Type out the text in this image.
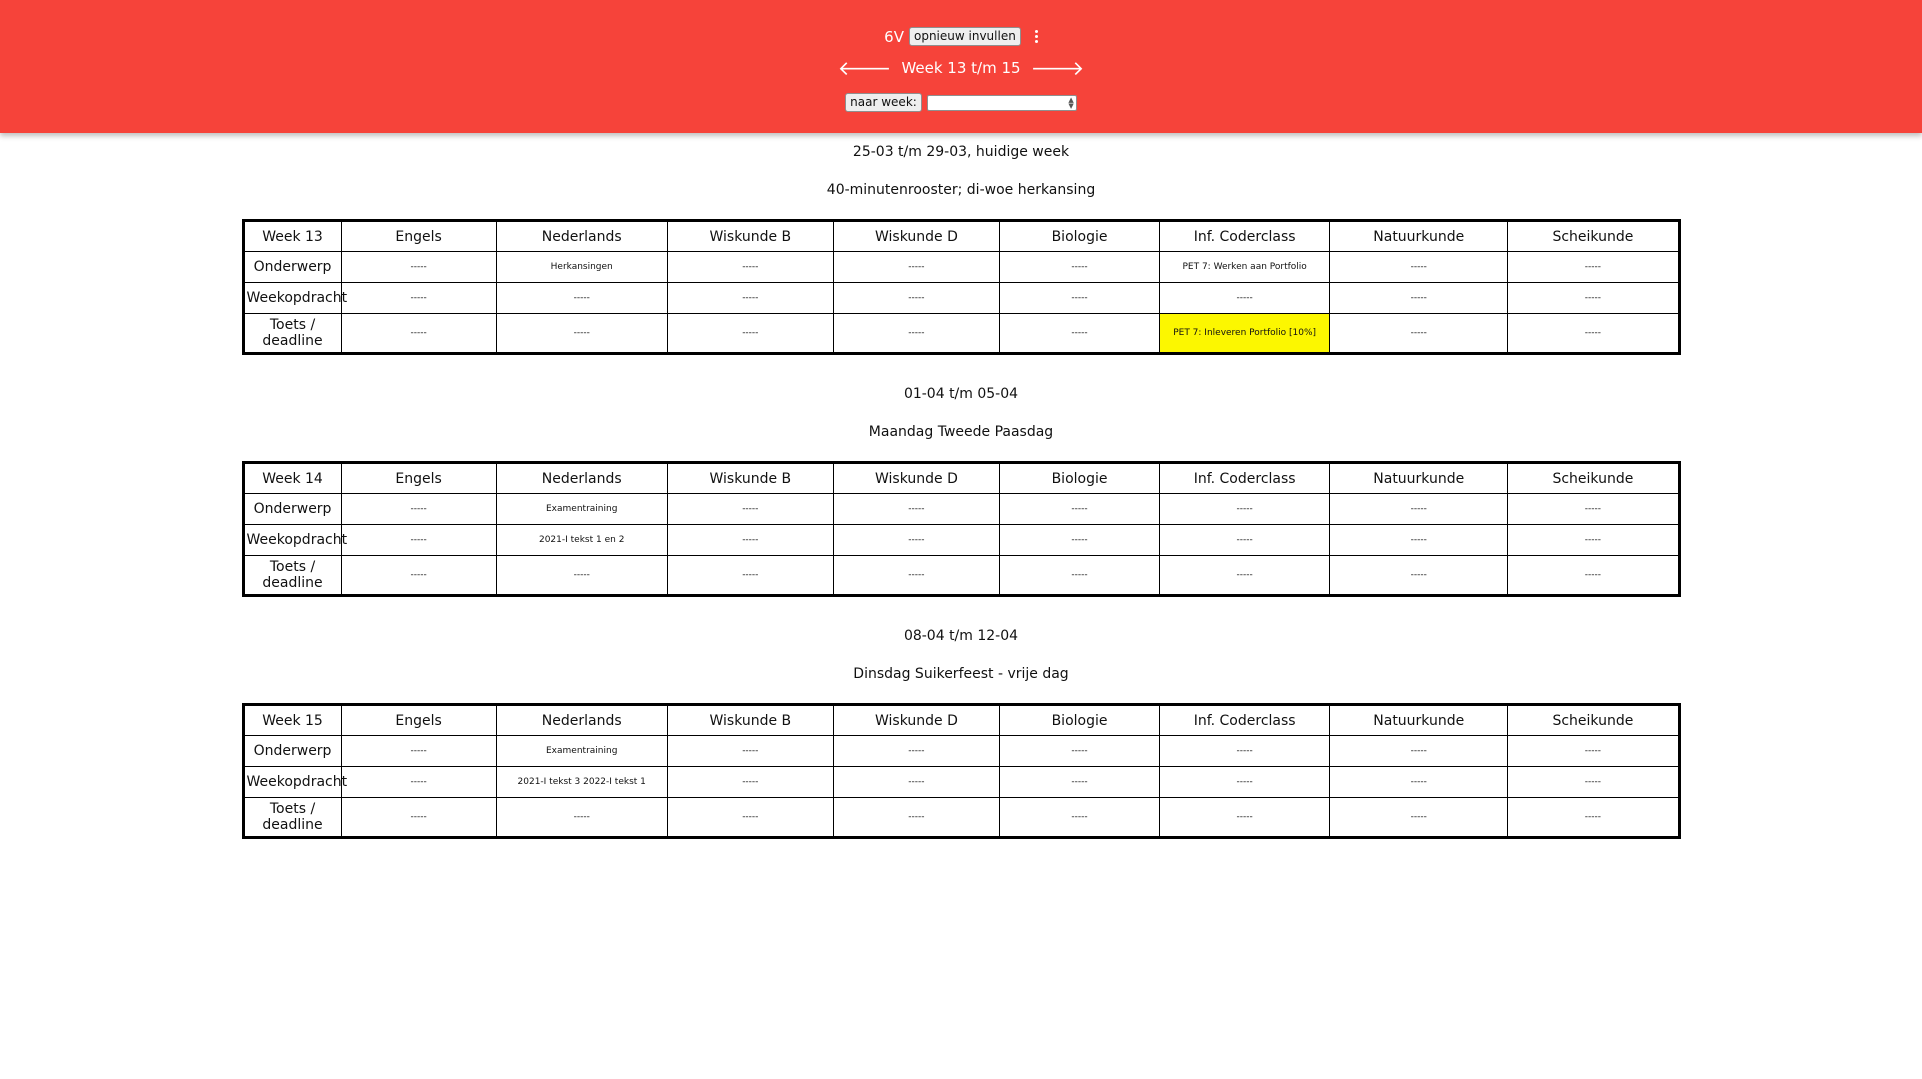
6V opnieuw invullen
🡐 Week 13 t/m 15 🡒
naar week:	▲
▼

25-03 t/m 29-03, huidige week

40-minutenrooster; di-woe herkansing

Week 13	Engels	Nederlands	Wiskunde B	Wiskunde D	Biologie	Inf. Coderclass	Natuurkunde	Scheikunde
Onderwerp	-----	Herkansingen	-----	-----	-----	PET 7: Werken aan Portfolio	-----	-----
Weekopdracht	-----	-----	-----	-----	-----	-----	-----	-----
Toets / deadline	-----	-----	-----	-----	-----	PET 7: Inleveren Portfolio [10%]	-----	-----

01-04 t/m 05-04

Maandag Tweede Paasdag

Week 14	Engels	Nederlands	Wiskunde B	Wiskunde D	Biologie	Inf. Coderclass	Natuurkunde	Scheikunde
Onderwerp	-----	Examentraining	-----	-----	-----	-----	-----	-----
Weekopdracht	-----	2021-I tekst 1 en 2	-----	-----	-----	-----	-----	-----
Toets / deadline	-----	-----	-----	-----	-----	-----	-----	-----

08-04 t/m 12-04

Dinsdag Suikerfeest - vrije dag

Week 15	Engels	Nederlands	Wiskunde B	Wiskunde D	Biologie	Inf. Coderclass	Natuurkunde	Scheikunde
Onderwerp	-----	Examentraining	-----	-----	-----	-----	-----	-----
Weekopdracht	-----	2021-I tekst 3 2022-I tekst 1	-----	-----	-----	-----	-----	-----
Toets / deadline	-----	-----	-----	-----	-----	-----	-----	-----
